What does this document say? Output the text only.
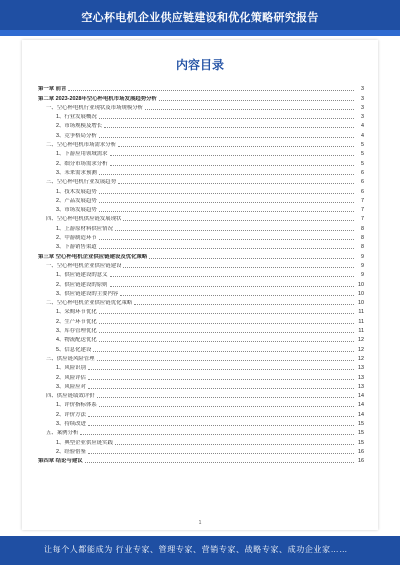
空心杯电机企业供应链建设和优化策略研究报告
内容目录
第一章 前言	3
第二章 2023-2028年空心杯电机市场发展趋势分析	3
一、空心杯电机行业现状及市场规模分析	3
1、行业发展概况	3
2、市场规模及增长	4
3、竞争格局分析	4
二、空心杯电机市场需求分析	5
1、下游应用领域需求	5
2、细分市场需求分析	5
3、未来需求预测	6
三、空心杯电机行业发展趋势	6
1、技术发展趋势	6
2、产品发展趋势	7
3、市场发展趋势	7
四、空心杯电机供应链发展现状	7
1、上游原材料供应情况	8
2、中游制造环节	8
3、下游销售渠道	8
第三章 空心杯电机企业供应链建设及优化策略	9
一、空心杯电机企业供应链建设	9
1、供应链建设的意义	9
2、供应链建设的原则	10
3、供应链建设的主要内容	10
二、空心杯电机企业供应链优化策略	10
1、采购环节优化	11
2、生产环节优化	11
3、库存管理优化	11
4、物流配送优化	12
5、信息化建设	12
三、供应链风险管理	12
1、风险识别	13
2、风险评估	13
3、风险应对	13
四、供应链绩效评价	14
1、评价指标体系	14
2、评价方法	14
3、持续改进	15
五、案例分析	15
1、典型企业供应链实践	15
2、经验借鉴	16
第四章 结论与建议	16
1
让每个人都能成为 行业专家、管理专家、营销专家、战略专家、成功企业家……
